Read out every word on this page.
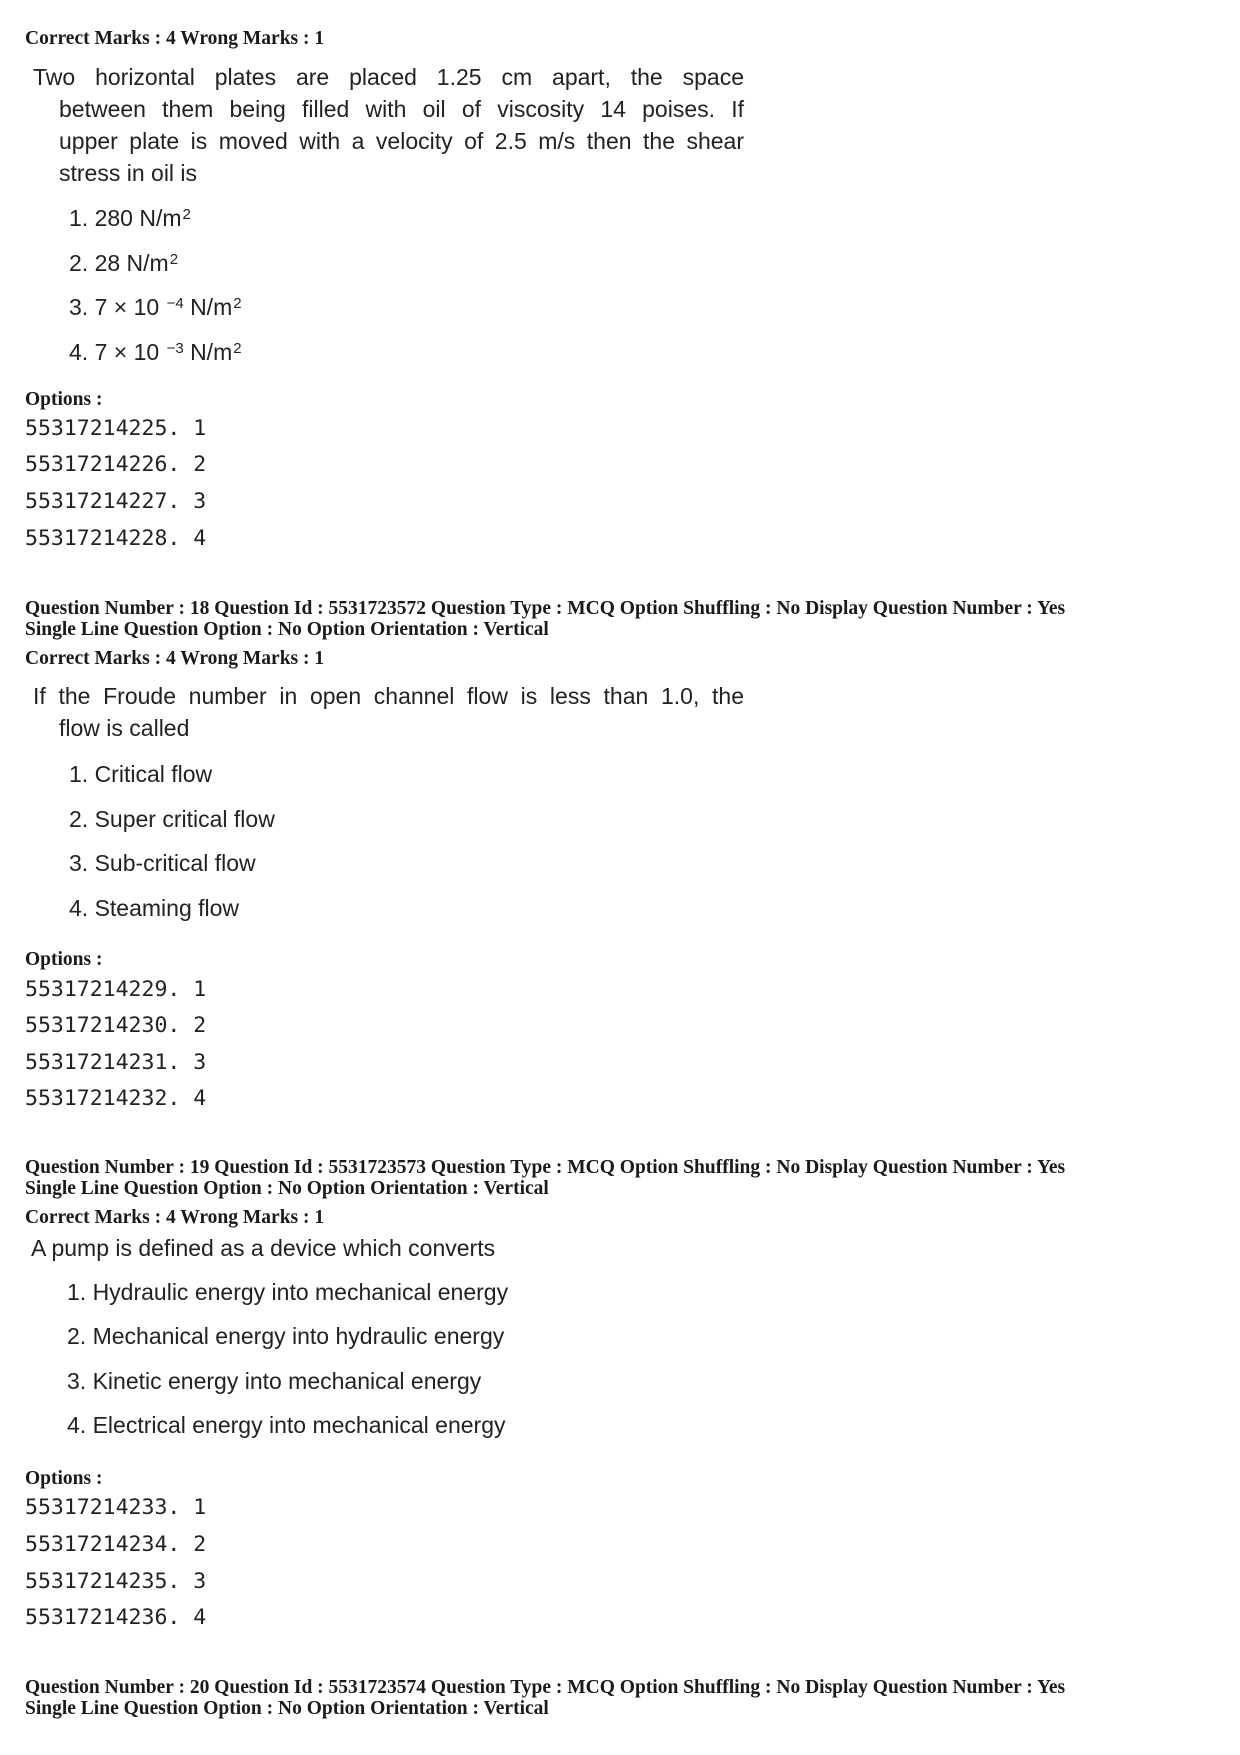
Correct Marks : 4 Wrong Marks : 1
Two horizontal plates are placed 1.25 cm apart, the space
between them being filled with oil of viscosity 14 poises. If
upper plate is moved with a velocity of 2.5 m/s then the shear
stress in oil is
1. 280 $N/m^2$
2. 28 $N/m^2$
3. 7 × 10 $^{-4}$ $N/m^2$
4. 7 × 10 $^{-3}$ $N/m^2$
Options :
55317214225. 1
55317214226. 2
55317214227. 3
55317214228. 4
Question Number : 18 Question Id : 5531723572 Question Type : MCQ Option Shuffling : No Display Question Number : Yes
Single Line Question Option : No Option Orientation : Vertical
Correct Marks : 4 Wrong Marks : 1
If the Froude number in open channel flow is less than 1.0, the
flow is called
1. Critical flow
2. Super critical flow
3. Sub-critical flow
4. Steaming flow
Options :
55317214229. 1
55317214230. 2
55317214231. 3
55317214232. 4
Question Number : 19 Question Id : 5531723573 Question Type : MCQ Option Shuffling : No Display Question Number : Yes
Single Line Question Option : No Option Orientation : Vertical
Correct Marks : 4 Wrong Marks : 1
A pump is defined as a device which converts
1. Hydraulic energy into mechanical energy
2. Mechanical energy into hydraulic energy
3. Kinetic energy into mechanical energy
4. Electrical energy into mechanical energy
Options :
55317214233. 1
55317214234. 2
55317214235. 3
55317214236. 4
Question Number : 20 Question Id : 5531723574 Question Type : MCQ Option Shuffling : No Display Question Number : Yes
Single Line Question Option : No Option Orientation : Vertical
